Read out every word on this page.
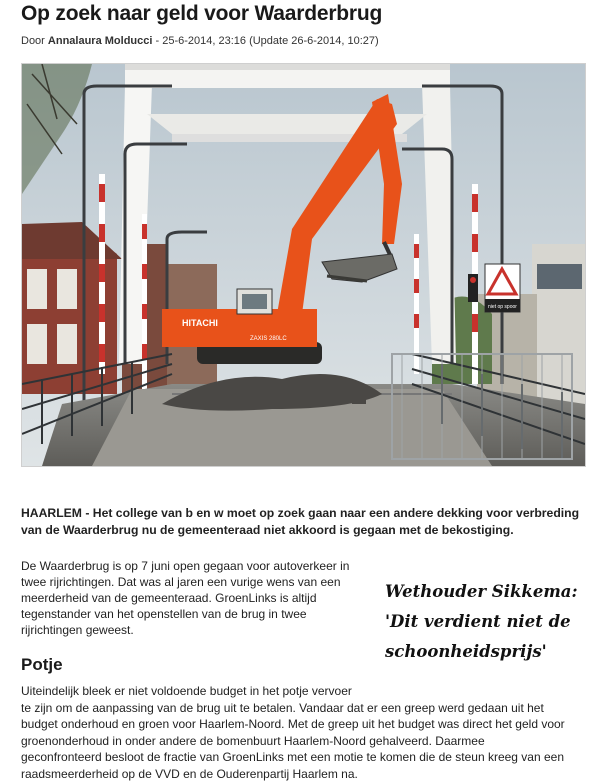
Op zoek naar geld voor Waarderbrug
Door Annalaura Molducci - 25-6-2014, 23:16 (Update 26-6-2014, 10:27)
niet op spoor
HITACHI
ZAXIS 280LC
HAARLEM - Het college van b en w moet op zoek gaan naar een andere dekking voor verbreding van de Waarderbrug nu de gemeenteraad niet akkoord is gegaan met de bekostiging.
De Waarderbrug is op 7 juni open gegaan voor autoverkeer in twee rijrichtingen. Dat was al jaren een vurige wens van een meerderheid van de gemeenteraad. GroenLinks is altijd tegenstander van het openstellen van de brug in twee rijrichtingen geweest.
Wethouder Sikkema:
'Dit verdient niet de
schoonheidsprijs'
Potje
Uiteindelijk bleek er niet voldoende budget in het potje vervoer
te zijn om de aanpassing van de brug uit te betalen. Vandaar dat er een greep werd gedaan uit het
budget onderhoud en groen voor Haarlem-Noord. Met de greep uit het budget was direct het geld voor
groenonderhoud in onder andere de bomenbuurt Haarlem-Noord gehalveerd. Daarmee
geconfronteerd besloot de fractie van GroenLinks met een motie te komen die de steun kreeg van een
raadsmeerderheid op de VVD en de Ouderenpartij Haarlem na.
